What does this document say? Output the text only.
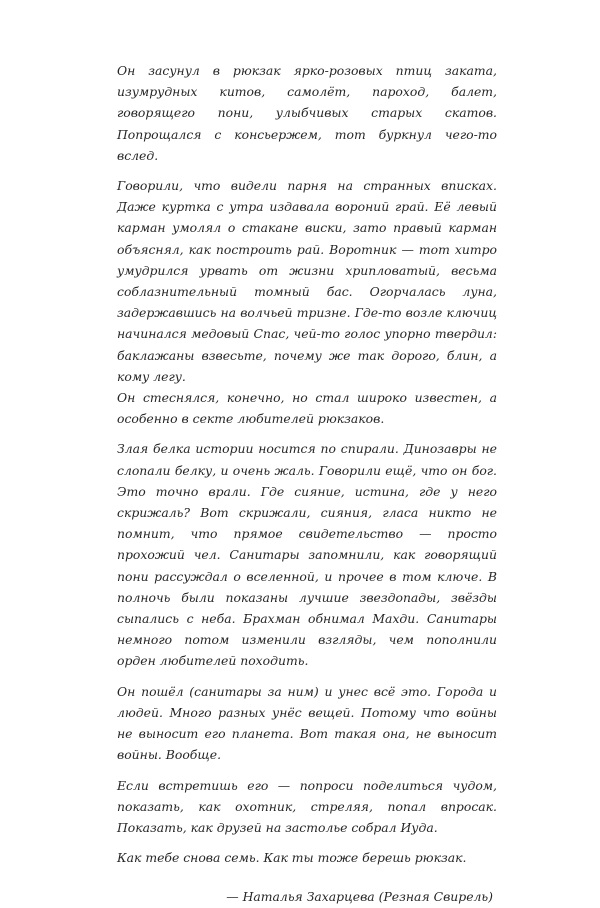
Он засунул в рюкзак ярко-розовых птиц заката, изумрудных китов, самолёт, пароход, балет, говорящего пони, улыбчивых старых скатов. Попрощался с консьержем, тот буркнул чего-то вслед.

Говорили, что видели парня на странных вписках. Даже куртка с утра издавала вороний грай. Её левый карман умолял о стакане виски, зато правый карман объяснял, как построить рай. Воротник — тот хитро умудрился урвать от жизни хрипловатый, весьма соблазнительный томный бас. Огорчалась луна, задержавшись на волчьей тризне. Где-то возле ключиц начинался медовый Спас, чей-то голос упорно твердил: баклажаны взвесьте, почему же так дорого, блин, а кому легу.

Он стеснялся, конечно, но стал широко известен, а особенно в секте любителей рюкзаков.

Злая белка истории носится по спирали. Динозавры не слопали белку, и очень жаль. Говорили ещё, что он бог. Это точно врали. Где сияние, истина, где у него скрижаль? Вот скрижали, сияния, гласа никто не помнит, что прямое свидетельство — просто прохожий чел. Санитары запомнили, как говорящий пони рассуждал о вселенной, и прочее в том ключе. В полночь были показаны лучшие звездопады, звёзды сыпались с неба. Брахман обнимал Махди. Санитары немного потом изменили взгляды, чем пополнили орден любителей походить.

Он пошёл (санитары за ним) и унес всё это. Города и людей. Много разных унёс вещей. Потому что войны не выносит его планета. Вот такая она, не выносит войны. Вообще.

Если встретишь его — попроси поделиться чудом, показать, как охотник, стреляя, попал впросак. Показать, как друзей на застолье собрал Иуда.

Как тебе снова семь. Как ты тоже берешь рюкзак.

— Наталья Захарцева (Резная Свирель)
